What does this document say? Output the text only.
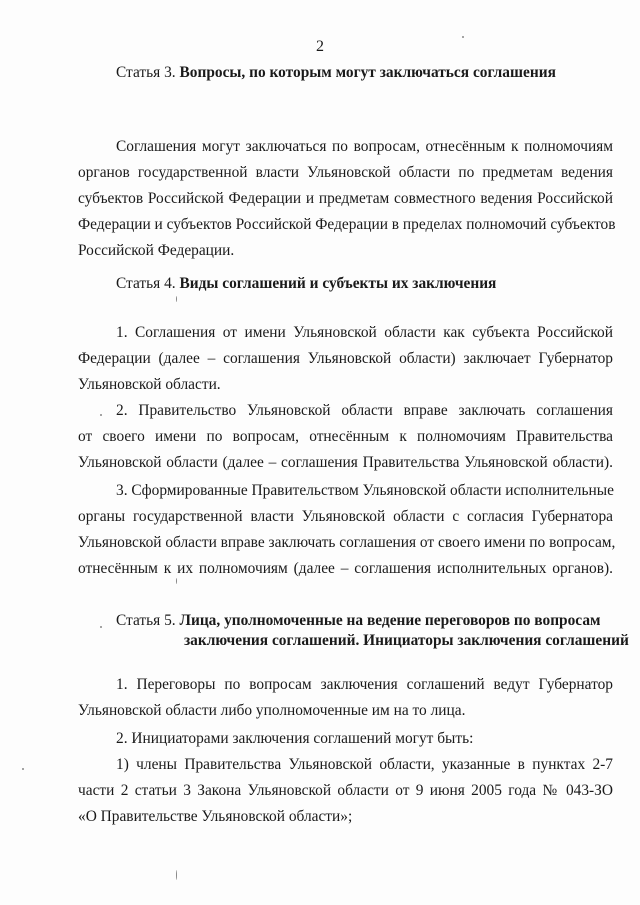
2
Статья 3. Вопросы, по которым могут заключаться соглашения
Соглашения могут заключаться по вопросам, отнесённым к полномочиям
органов государственной власти Ульяновской области по предметам ведения
субъектов Российской Федерации и предметам совместного ведения Российской
Федерации и субъектов Российской Федерации в пределах полномочий субъектов
Российской Федерации.
Статья 4. Виды соглашений и субъекты их заключения
1. Соглашения от имени Ульяновской области как субъекта Российской
Федерации (далее – соглашения Ульяновской области) заключает Губернатор
Ульяновской области.
2. Правительство Ульяновской области вправе заключать соглашения
от своего имени по вопросам, отнесённым к полномочиям Правительства
Ульяновской области (далее – соглашения Правительства Ульяновской области).
3. Сформированные Правительством Ульяновской области исполнительные
органы государственной власти Ульяновской области с согласия Губернатора
Ульяновской области вправе заключать соглашения от своего имени по вопросам,
отнесённым к их полномочиям (далее – соглашения исполнительных органов).
Статья 5. Лица, уполномоченные на ведение переговоров по вопросам
заключения соглашений. Инициаторы заключения соглашений
1. Переговоры по вопросам заключения соглашений ведут Губернатор
Ульяновской области либо уполномоченные им на то лица.
2. Инициаторами заключения соглашений могут быть:
1) члены Правительства Ульяновской области, указанные в пунктах 2-7
части 2 статьи 3 Закона Ульяновской области от 9 июня 2005 года № 043-ЗО
«О Правительстве Ульяновской области»;
